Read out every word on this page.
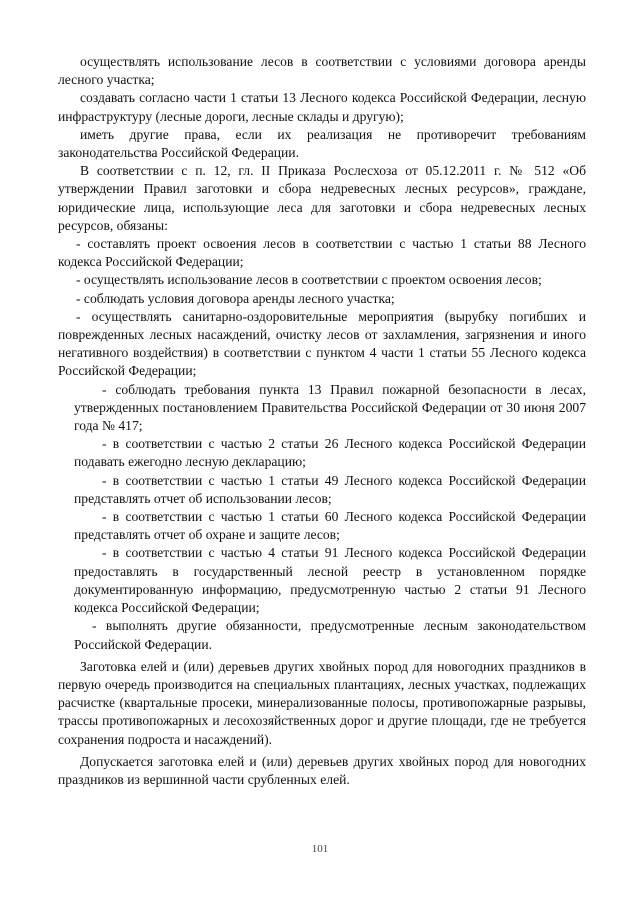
осуществлять использование лесов в соответствии с условиями договора аренды лесного участка;

создавать согласно части 1 статьи 13 Лесного кодекса Российской Федерации, лесную инфраструктуру (лесные дороги, лесные склады и другую);

иметь другие права, если их реализация не противоречит требованиям законодательства Российской Федерации.

В соответствии с п. 12, гл. II Приказа Рослесхоза от 05.12.2011 г. № 512 «Об утверждении Правил заготовки и сбора недревесных лесных ресурсов», граждане, юридические лица, использующие леса для заготовки и сбора недревесных лесных ресурсов, обязаны:

- составлять проект освоения лесов в соответствии с частью 1 статьи 88 Лесного кодекса Российской Федерации;

- осуществлять использование лесов в соответствии с проектом освоения лесов;

- соблюдать условия договора аренды лесного участка;

- осуществлять санитарно-оздоровительные мероприятия (вырубку погибших и поврежденных лесных насаждений, очистку лесов от захламления, загрязнения и иного негативного воздействия) в соответствии с пунктом 4 части 1 статьи 55 Лесного кодекса Российской Федерации;

- соблюдать требования пункта 13 Правил пожарной безопасности в лесах, утвержденных постановлением Правительства Российской Федерации от 30 июня 2007 года № 417;

- в соответствии с частью 2 статьи 26 Лесного кодекса Российской Федерации подавать ежегодно лесную декларацию;

- в соответствии с частью 1 статьи 49 Лесного кодекса Российской Федерации представлять отчет об использовании лесов;

- в соответствии с частью 1 статьи 60 Лесного кодекса Российской Федерации представлять отчет об охране и защите лесов;

- в соответствии с частью 4 статьи 91 Лесного кодекса Российской Федерации предоставлять в государственный лесной реестр в установленном порядке документированную информацию, предусмотренную частью 2 статьи 91 Лесного кодекса Российской Федерации;

- выполнять другие обязанности, предусмотренные лесным законодательством Российской Федерации.

Заготовка елей и (или) деревьев других хвойных пород для новогодних праздников в первую очередь производится на специальных плантациях, лесных участках, подлежащих расчистке (квартальные просеки, минерализованные полосы, противопожарные разрывы, трассы противопожарных и лесохозяйственных дорог и другие площади, где не требуется сохранения подроста и насаждений).

Допускается заготовка елей и (или) деревьев других хвойных пород для новогодних праздников из вершинной части срубленных елей.

101
